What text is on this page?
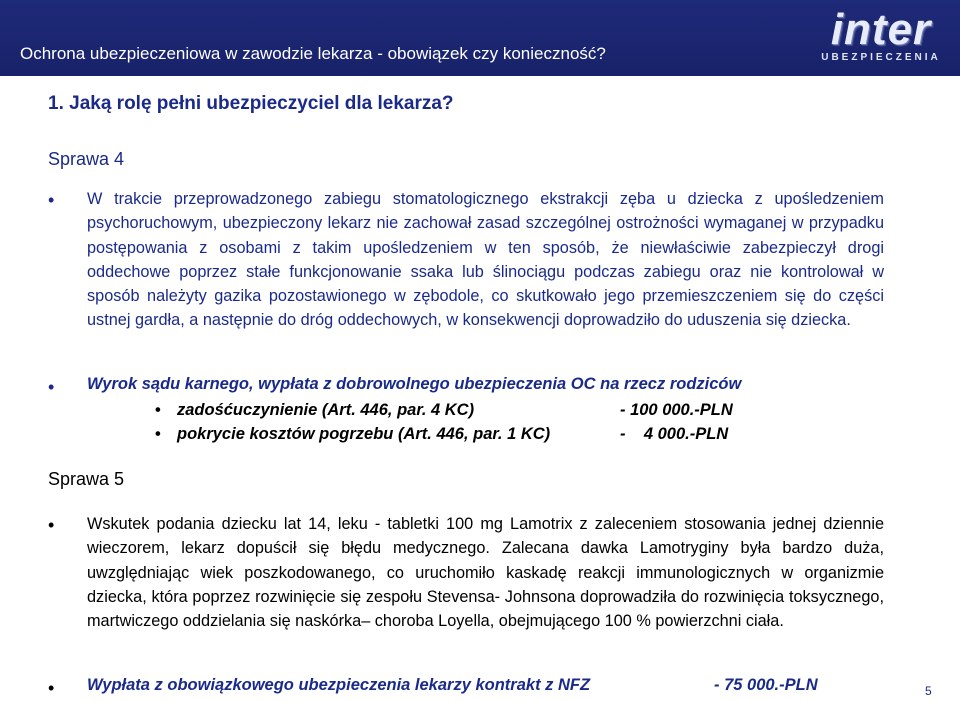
Ochrona ubezpieczeniowa w zawodzie lekarza - obowiązek czy konieczność?	inter
UBEZPIECZENIA
1. Jaką rolę pełni ubezpieczyciel dla lekarza?
Sprawa 4
• W trakcie przeprowadzonego zabiegu stomatologicznego ekstrakcji zęba u dziecka z upośledzeniem psychoruchowym, ubezpieczony lekarz nie zachował zasad szczególnej ostrożności wymaganej w przypadku postępowania z osobami z takim upośledzeniem w ten sposób, że niewłaściwie zabezpieczył drogi oddechowe poprzez stałe funkcjonowanie ssaka lub ślinociągu podczas zabiegu oraz nie kontrolował w sposób należyty gazika pozostawionego w zębodole, co skutkowało jego przemieszczeniem się do części ustnej gardła, a następnie do dróg oddechowych, w konsekwencji doprowadziło do uduszenia się dziecka.
• Wyrok sądu karnego, wypłata z dobrowolnego ubezpieczenia OC na rzecz rodziców
• zadośćuczynienie (Art. 446, par. 4 KC)	- 100 000.-PLN
• pokrycie kosztów pogrzebu (Art. 446, par. 1 KC)	-    4 000.-PLN
Sprawa 5
• Wskutek podania dziecku lat 14, leku - tabletki 100 mg Lamotrix z zaleceniem stosowania jednej dziennie wieczorem, lekarz dopuścił się błędu medycznego. Zalecana dawka Lamotryginy była bardzo duża, uwzględniając wiek poszkodowanego, co uruchomiło kaskadę reakcji immunologicznych w organizmie dziecka, która poprzez rozwinięcie się zespołu Stevensa- Johnsona doprowadziła do rozwinięcia toksycznego, martwiczego oddzielania się naskórka– choroba Loyella, obejmującego 100 % powierzchni ciała.
• Wypłata z obowiązkowego ubezpieczenia lekarzy kontrakt z NFZ	- 75 000.-PLN	5
